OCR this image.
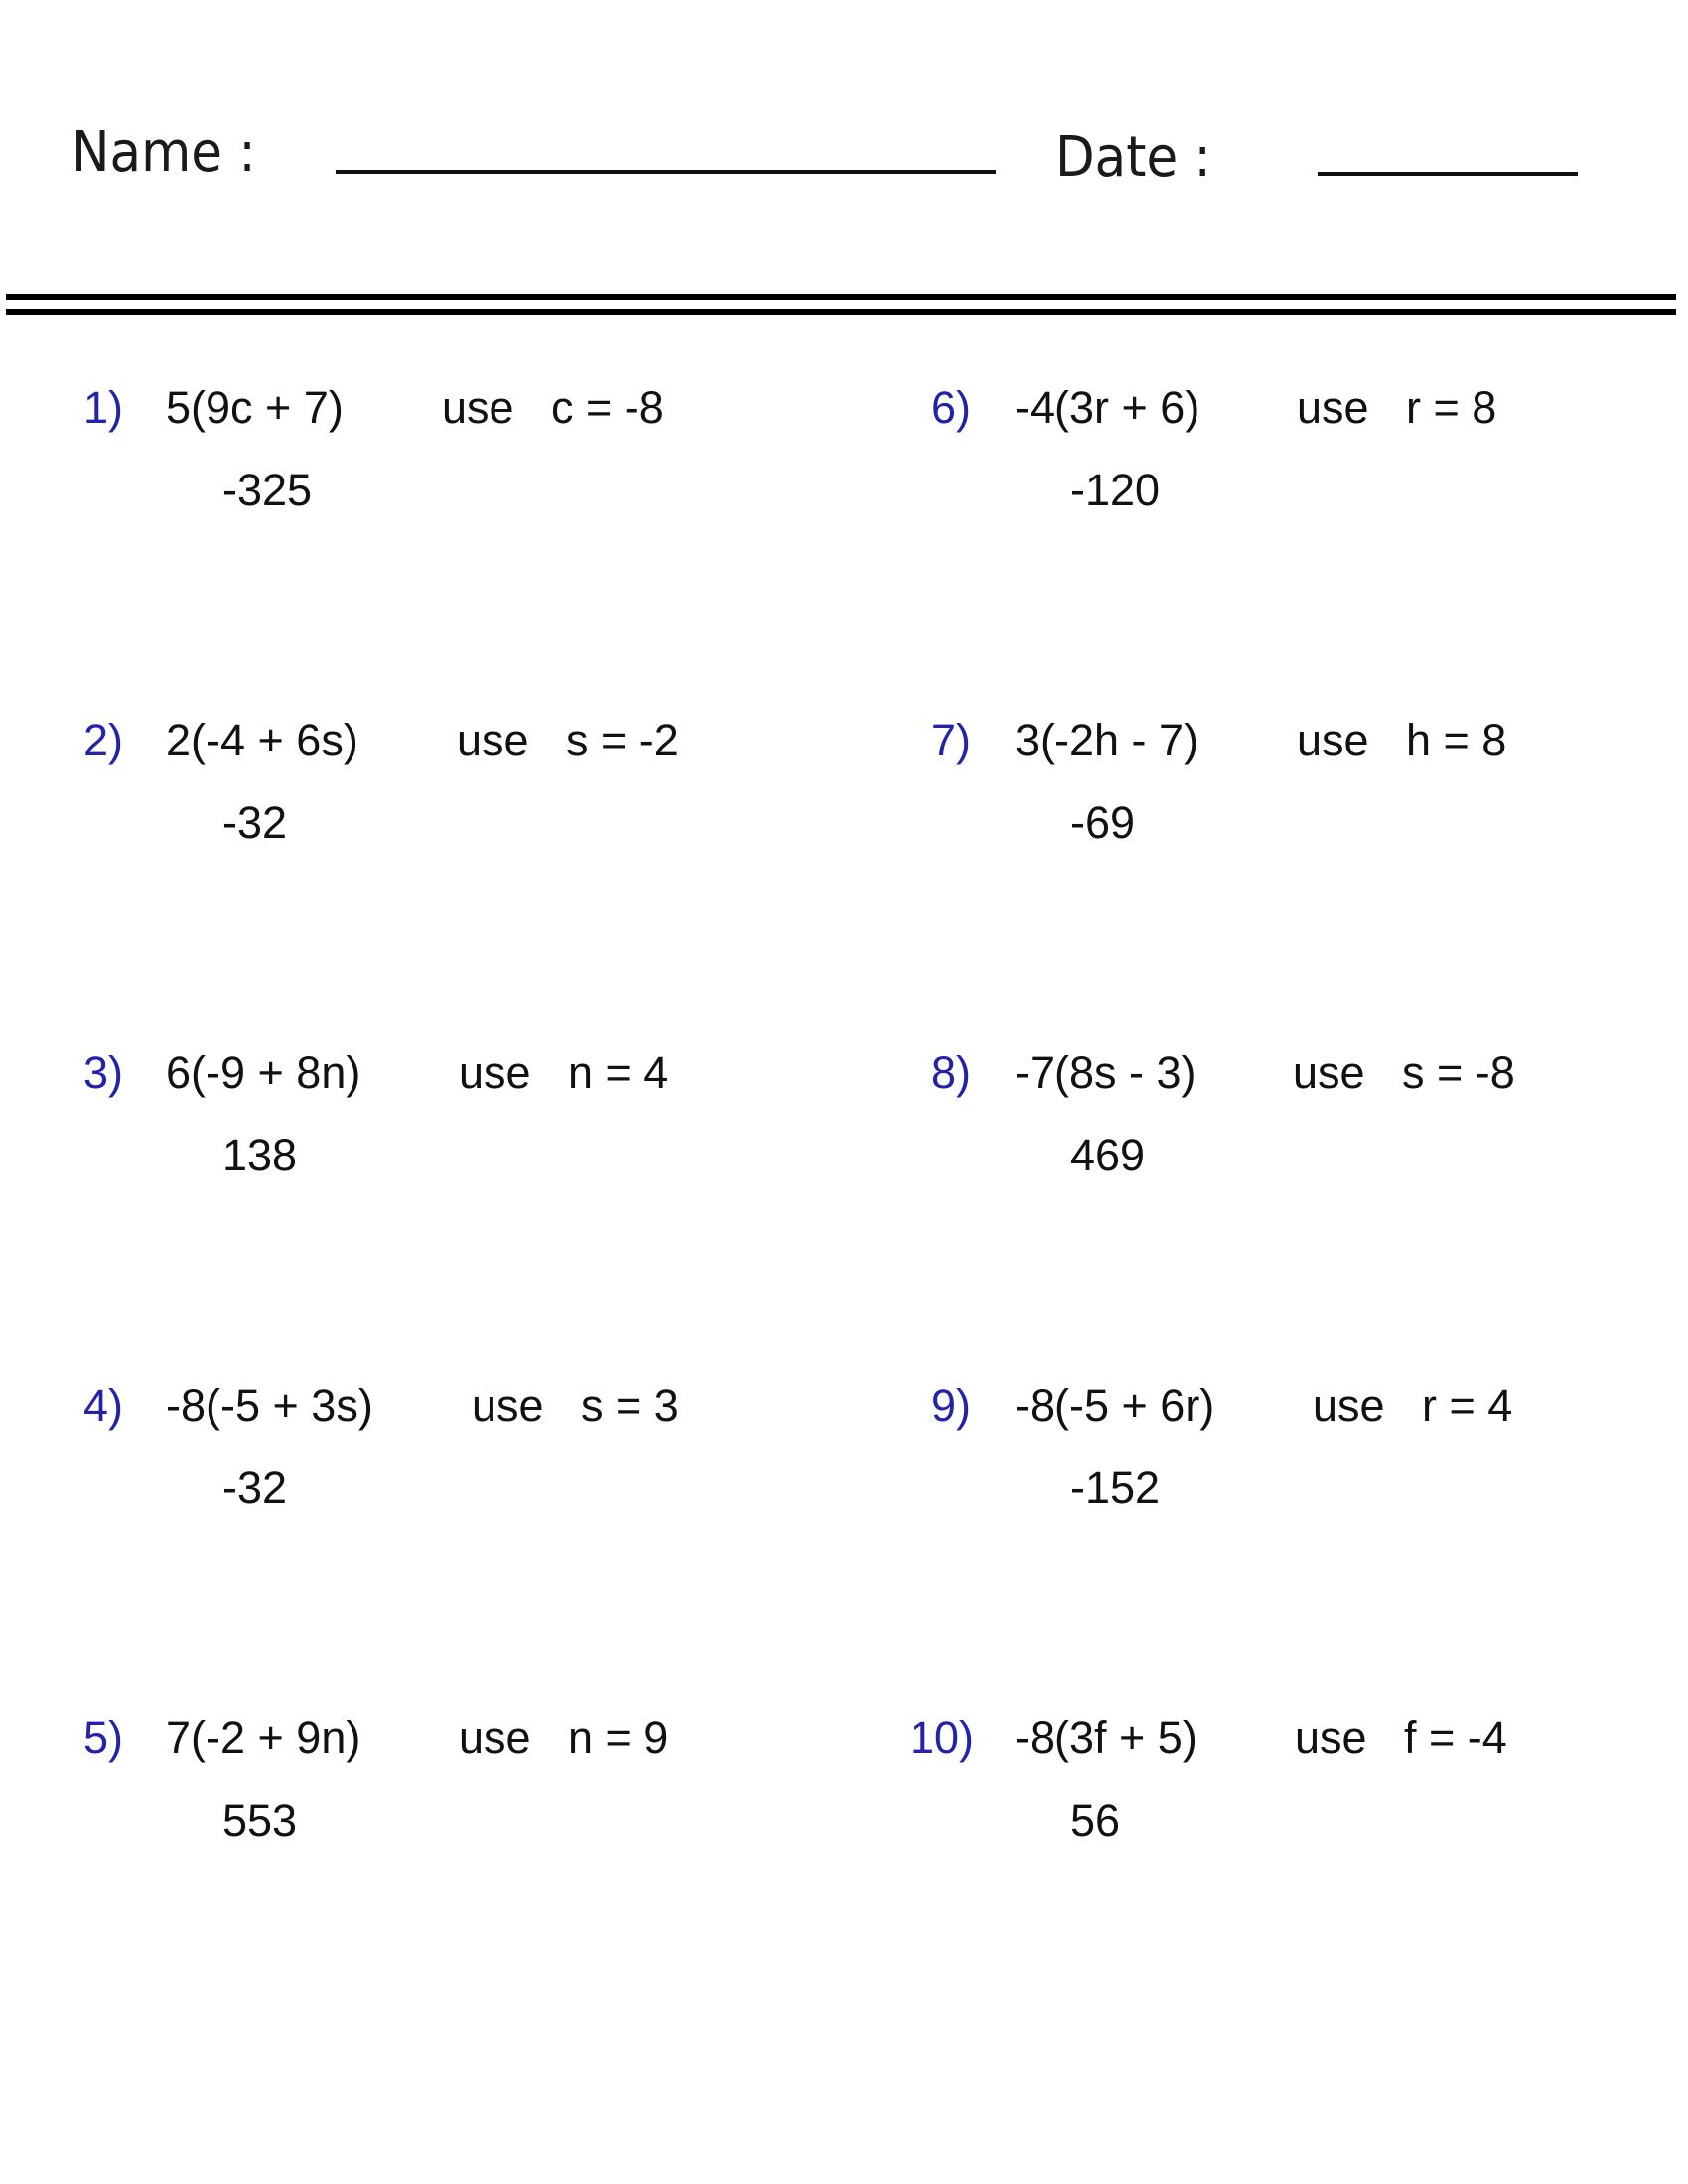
Name :	Date :
1) 5(9c + 7) use c = -8
-325
2) 2(-4 + 6s) use s = -2
-32
3) 6(-9 + 8n) use n = 4
138
4) -8(-5 + 3s) use s = 3
-32
5) 7(-2 + 9n) use n = 9
553
6) -4(3r + 6) use r = 8
-120
7) 3(-2h - 7) use h = 8
-69
8) -7(8s - 3) use s = -8
469
9) -8(-5 + 6r) use r = 4
-152
10) -8(3f + 5) use f = -4
56
